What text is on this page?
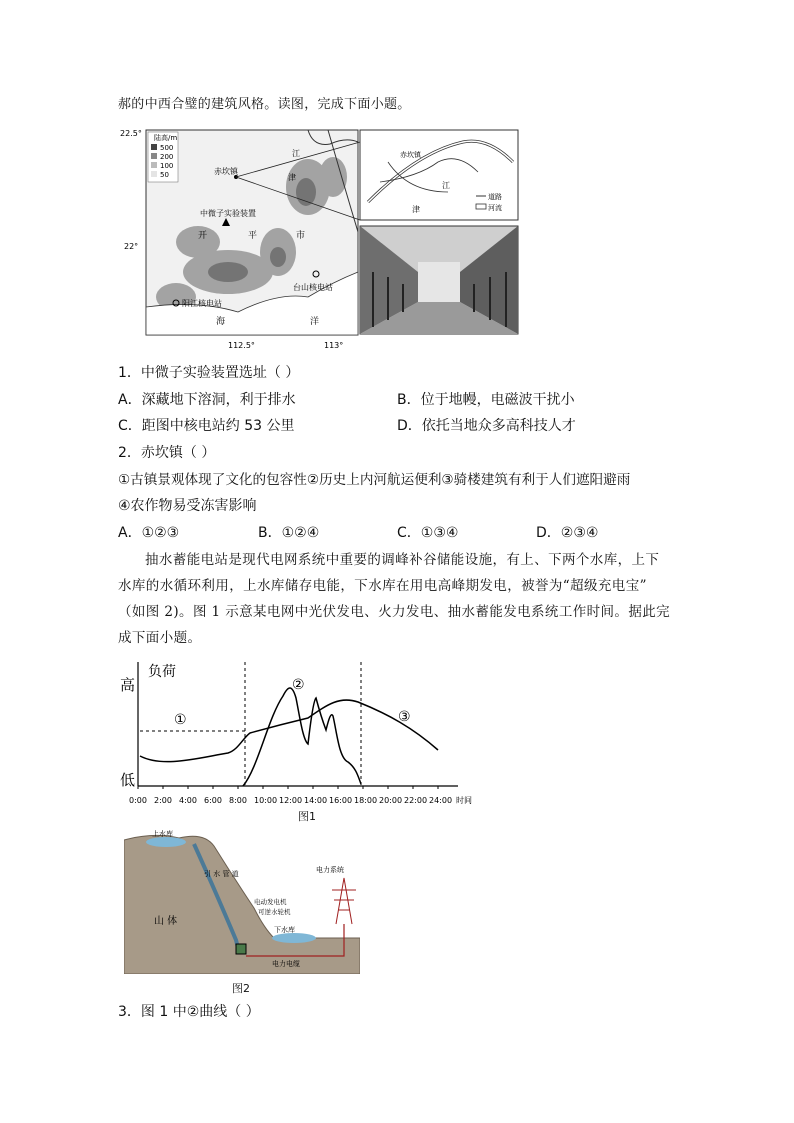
郝的中西合璧的建筑风格。读图，完成下面小题。
陆高/m
500
200
100
50
22.5°
22°
112.5°	113°
赤坎镇
江
津
中微子实验装置
开	平	市
台山核电站
阳江核电站
海	洋
赤坎镇
江
津
道路
河流
1．中微子实验装置选址（ ）
A．深藏地下溶洞，利于排水	B．位于地幔，电磁波干扰小
C．距图中核电站约 53 公里	D．依托当地众多高科技人才
2．赤坎镇（ ）
①古镇景观体现了文化的包容性②历史上内河航运便利③骑楼建筑有利于人们遮阳避雨
④农作物易受冻害影响
A．①②③	B．①②④	C．①③④	D．②③④
抽水蓄能电站是现代电网系统中重要的调峰补谷储能设施，有上、下两个水库，上下
水库的水循环利用，上水库储存电能，下水库在用电高峰期发电，被誉为“超级充电宝”
（如图 2)。图 1 示意某电网中光伏发电、火力发电、抽水蓄能发电系统工作时间。据此完
成下面小题。
负荷
高
低
①
②
③
0:00 2:00 4:00 6:00 8:00 10:00 12:00 14:00 16:00 18:00 20:00 22:00 24:00 时间
图1
上水库
山 体
引 水 管 道
电动发电机
可逆水轮机
下水库
电力电缆
电力系统
图2
3．图 1 中②曲线（ ）
